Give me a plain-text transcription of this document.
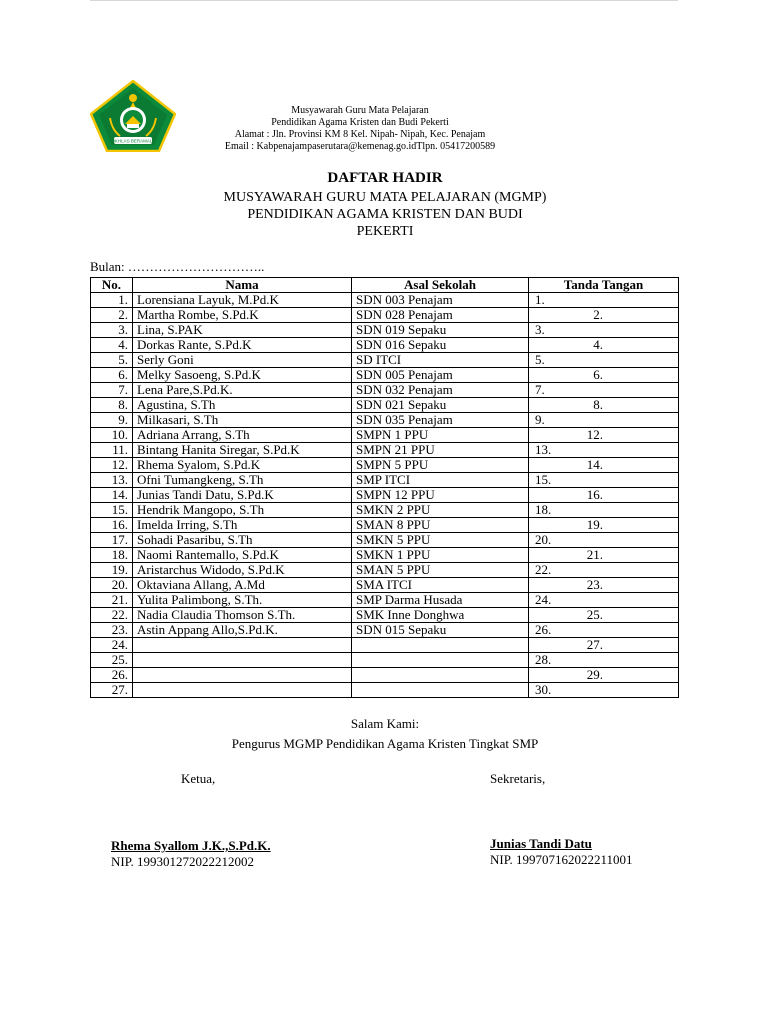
IKHLAS BERAMAL
Musyawarah Guru Mata Pelajaran
Pendidikan Agama Kristen dan Budi Pekerti
Alamat : Jln. Provinsi KM 8 Kel. Nipah- Nipah, Kec. Penajam
Email : Kabpenajampaserutara@kemenag.go.idTlpn. 05417200589
DAFTAR HADIR
MUSYAWARAH GURU MATA PELAJARAN (MGMP)
PENDIDIKAN AGAMA KRISTEN DAN BUDI
PEKERTI
Bulan: …………………………..
No.	Nama	Asal Sekolah	Tanda Tangan
1.	Lorensiana Layuk, M.Pd.K	SDN 003 Penajam	1.
2.	Martha Rombe, S.Pd.K	SDN 028 Penajam	2.
3.	Lina, S.PAK	SDN 019 Sepaku	3.
4.	Dorkas Rante, S.Pd.K	SDN 016 Sepaku	4.
5.	Serly Goni	SD ITCI	5.
6.	Melky Sasoeng, S.Pd.K	SDN 005 Penajam	6.
7.	Lena Pare,S.Pd.K.	SDN 032 Penajam	7.
8.	Agustina, S.Th	SDN 021 Sepaku	8.
9.	Milkasari, S.Th	SDN 035 Penajam	9.
10.	Adriana Arrang, S.Th	SMPN 1 PPU	12.
11.	Bintang Hanita Siregar, S.Pd.K	SMPN 21 PPU	13.
12.	Rhema Syalom, S.Pd.K	SMPN 5 PPU	14.
13.	Ofni Tumangkeng, S.Th	SMP ITCI	15.
14.	Junias Tandi Datu, S.Pd.K	SMPN 12 PPU	16.
15.	Hendrik Mangopo, S.Th	SMKN 2 PPU	18.
16.	Imelda Irring, S.Th	SMAN 8 PPU	19.
17.	Sohadi Pasaribu, S.Th	SMKN 5 PPU	20.
18.	Naomi Rantemallo, S.Pd.K	SMKN 1 PPU	21.
19.	Aristarchus Widodo, S.Pd.K	SMAN 5 PPU	22.
20.	Oktaviana Allang, A.Md	SMA ITCI	23.
21.	Yulita Palimbong, S.Th.	SMP Darma Husada	24.
22.	Nadia Claudia Thomson S.Th.	SMK Inne Donghwa	25.
23.	Astin Appang Allo,S.Pd.K.	SDN 015 Sepaku	26.
24.			27.
25.			28.
26.			29.
27.			30.
Salam Kami:
Pengurus MGMP Pendidikan Agama Kristen Tingkat SMP
Ketua,	Sekretaris,
Rhema Syallom J.K.,S.Pd.K.
NIP. 199301272022212002
Junias Tandi Datu
NIP. 199707162022211001
